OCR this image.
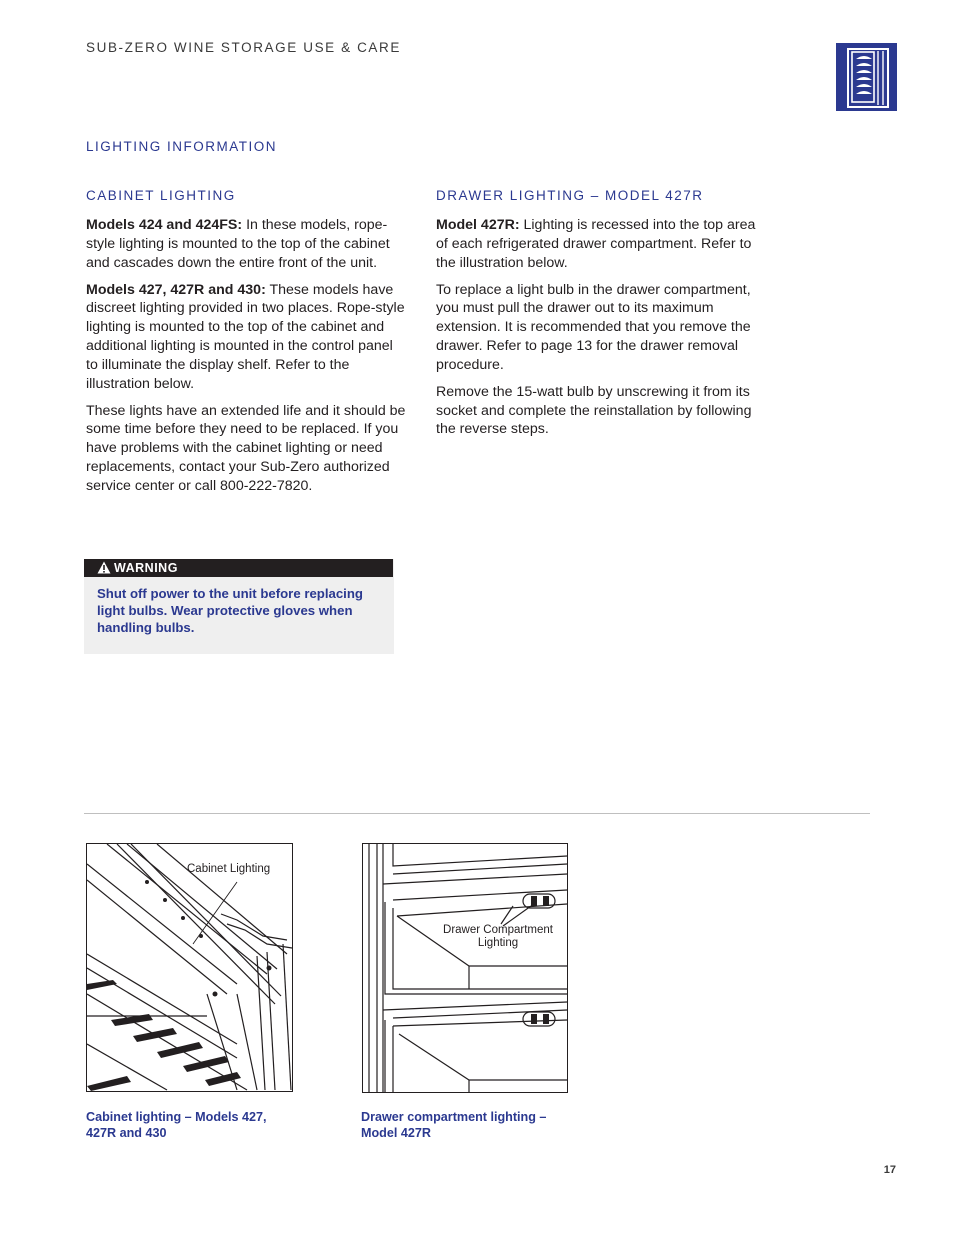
SUB-ZERO WINE STORAGE USE & CARE
LIGHTING INFORMATION
CABINET LIGHTING

Models 424 and 424FS: In these models, rope-style lighting is mounted to the top of the cabinet and cascades down the entire front of the unit.

Models 427, 427R and 430: These models have discreet lighting provided in two places. Rope-style lighting is mounted to the top of the cabinet and additional lighting is mounted in the control panel to illuminate the display shelf. Refer to the illustration below.

These lights have an extended life and it should be some time before they need to be replaced. If you have problems with the cabinet lighting or need replacements, contact your Sub-Zero authorized service center or call 800-222-7820.

WARNING
Shut off power to the unit before replacing light bulbs. Wear protective gloves when handling bulbs.
DRAWER LIGHTING – MODEL 427R

Model 427R: Lighting is recessed into the top area of each refrigerated drawer compartment. Refer to the illustration below.

To replace a light bulb in the drawer compartment, you must pull the drawer out to its maximum extension. It is recommended that you remove the drawer. Refer to page 13 for the drawer removal procedure.

Remove the 15-watt bulb by unscrewing it from its socket and complete the reinstallation by following the reverse steps.

Cabinet Lighting
Cabinet lighting – Models 427,
427R and 430
Drawer Compartment
Lighting
Drawer compartment lighting –
Model 427R
17
